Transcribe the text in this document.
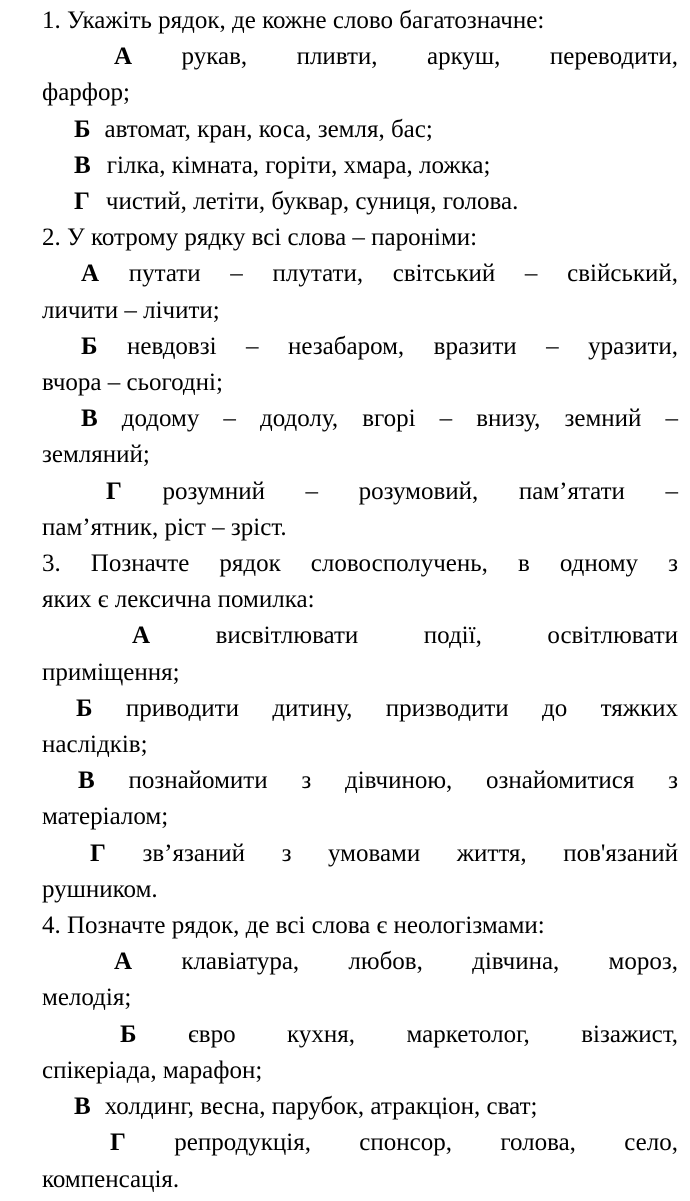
1. Укажіть рядок, де кожне слово багатозначне:
А рукав, пливти, аркуш, переводити,
фарфор;
Б автомат, кран, коса, земля, бас;
В гілка, кімната, горіти, хмара, ложка;
Г чистий, летіти, буквар, суниця, голова.
2. У котрому рядку всі слова – пароніми:
А путати – плутати, світський – свійський,
личити – лічити;
Б невдовзі – незабаром, вразити – уразити,
вчора – сьогодні;
В додому – додолу, вгорі – внизу, земний –
земляний;
Г розумний – розумовий, пам’ятати –
пам’ятник, ріст – зріст.
3. Позначте рядок словосполучень, в одному з
яких є лексична помилка:
А	висвітлювати події, освітлювати
приміщення;
Б приводити дитину, призводити до тяжких
наслідків;
В познайомити з дівчиною, ознайомитися з
матеріалом;
Г зв’язаний з умовами життя, пов'язаний
рушником.
4. Позначте рядок, де всі слова є неологізмами:
А клавіатура, любов, дівчина, мороз,
мелодія;
Б євро кухня, маркетолог, візажист,
спікеріада, марафон;
В холдинг, весна, парубок, атракціон, сват;
Г репродукція, спонсор, голова, село,
компенсація.
